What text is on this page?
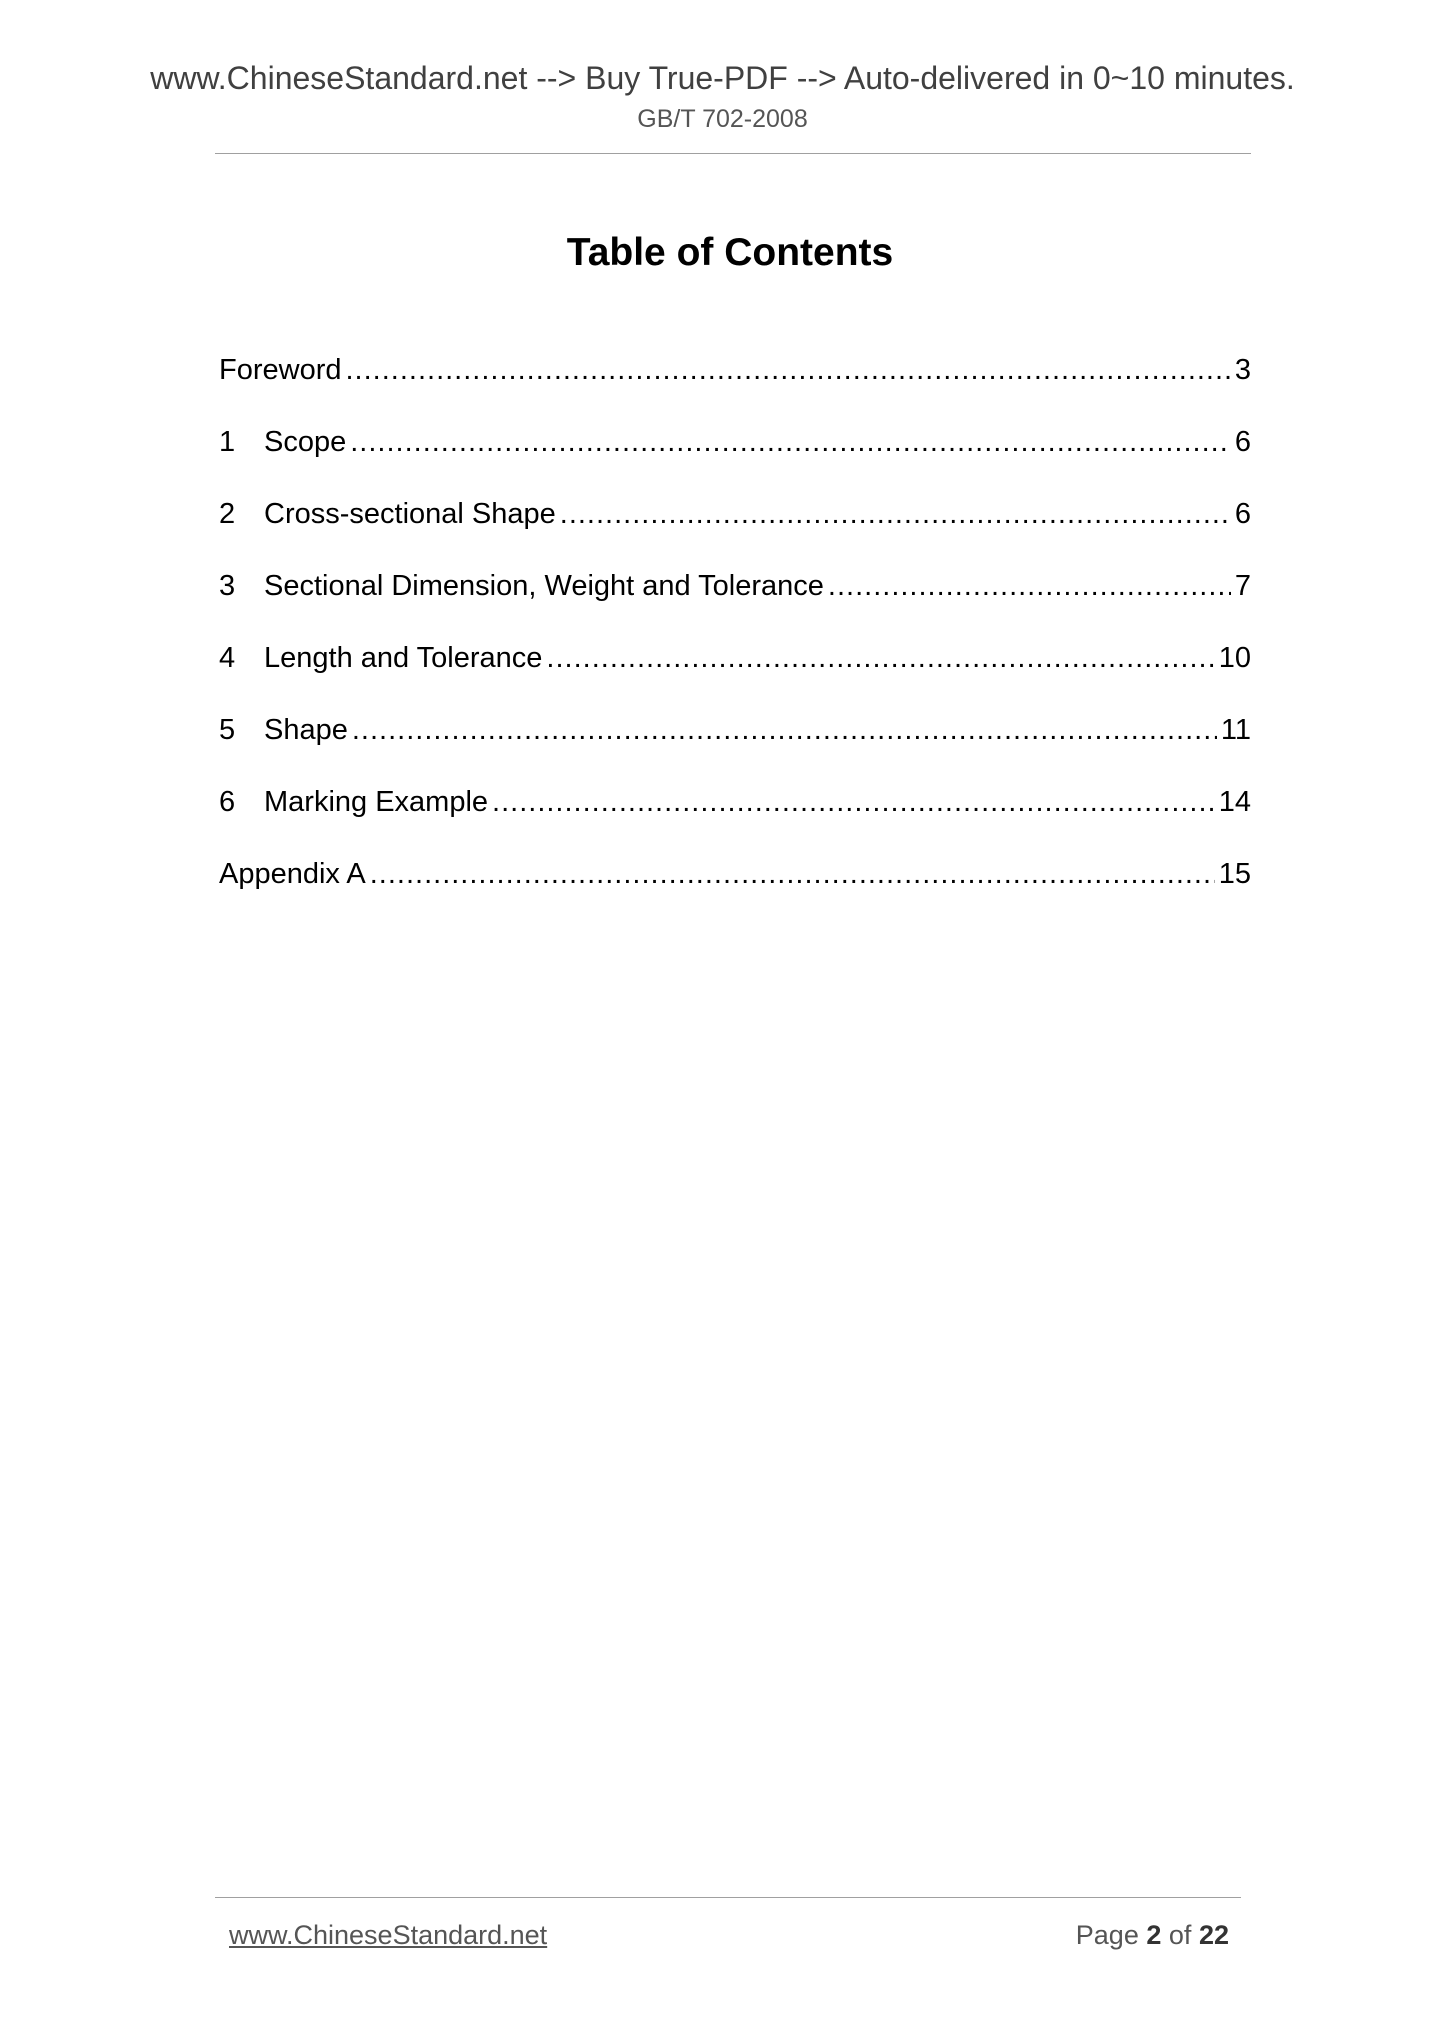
www.ChineseStandard.net --> Buy True-PDF --> Auto-delivered in 0~10 minutes.
GB/T 702-2008
Table of Contents
Foreword .....	3
1 Scope .....	6
2 Cross-sectional Shape .....	6
3 Sectional Dimension, Weight and Tolerance .....	7
4 Length and Tolerance .....	10
5 Shape .....	11
6 Marking Example .....	14
Appendix A .....	15
www.ChineseStandard.net	Page 2 of 22
